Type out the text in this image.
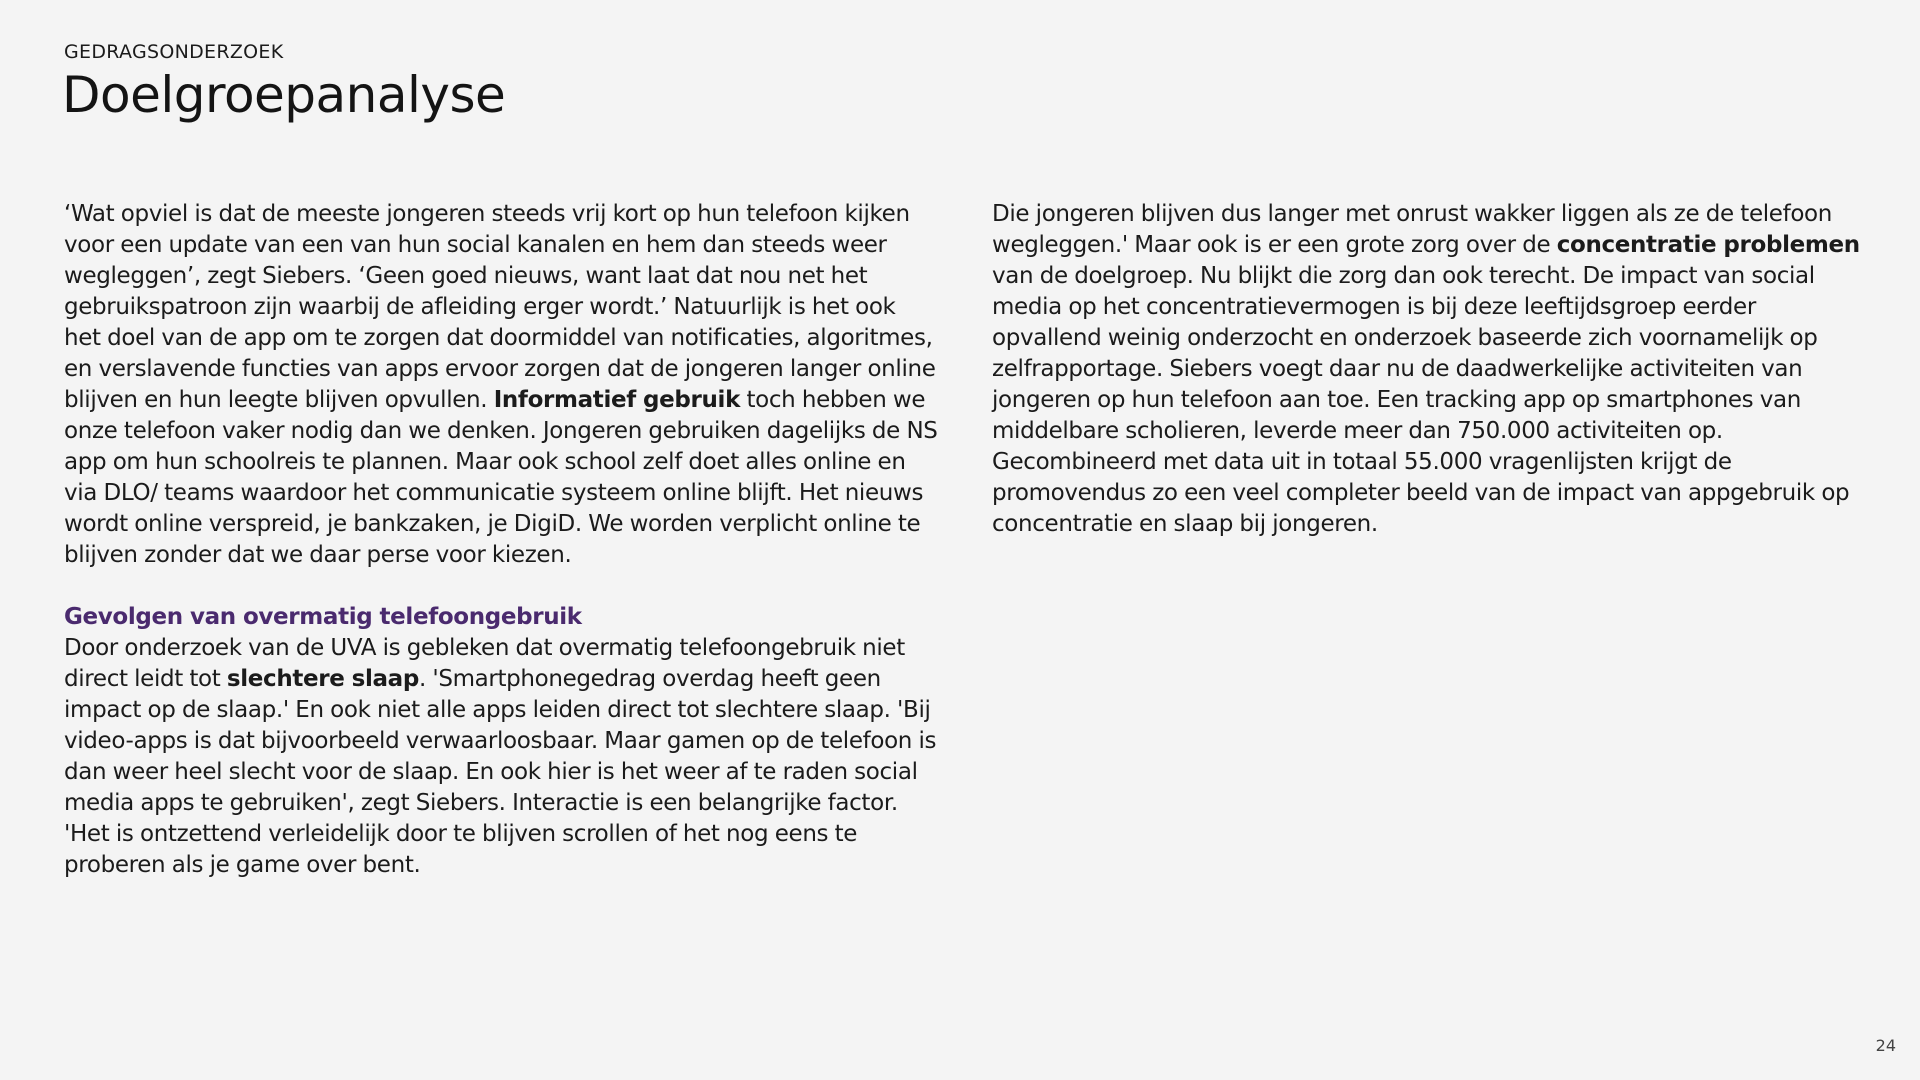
GEDRAGSONDERZOEK
Doelgroepanalyse

‘Wat opviel is dat de meeste jongeren steeds vrij kort op hun telefoon kijken voor een update van een van hun social kanalen en hem dan steeds weer wegleggen’, zegt Siebers. ‘Geen goed nieuws, want laat dat nou net het gebruikspatroon zijn waarbij de afleiding erger wordt.’ Natuurlijk is het ook het doel van de app om te zorgen dat doormiddel van notificaties, algoritmes, en verslavende functies van apps ervoor zorgen dat de jongeren langer online blijven en hun leegte blijven opvullen. Informatief gebruik toch hebben we onze telefoon vaker nodig dan we denken. Jongeren gebruiken dagelijks de NS app om hun schoolreis te plannen. Maar ook school zelf doet alles online en via DLO/ teams waardoor het communicatie systeem online blijft. Het nieuws wordt online verspreid, je bankzaken, je DigiD. We worden verplicht online te blijven zonder dat we daar perse voor kiezen.

Gevolgen van overmatig telefoongebruik

Door onderzoek van de UVA is gebleken dat overmatig telefoongebruik niet direct leidt tot slechtere slaap. 'Smartphonegedrag overdag heeft geen impact op de slaap.' En ook niet alle apps leiden direct tot slechtere slaap. 'Bij video-apps is dat bijvoorbeeld verwaarloosbaar. Maar gamen op de telefoon is dan weer heel slecht voor de slaap. En ook hier is het weer af te raden social media apps te gebruiken', zegt Siebers. Interactie is een belangrijke factor. 'Het is ontzettend verleidelijk door te blijven scrollen of het nog eens te proberen als je game over bent.

Die jongeren blijven dus langer met onrust wakker liggen als ze de telefoon wegleggen.' Maar ook is er een grote zorg over de concentratie problemen van de doelgroep. Nu blijkt die zorg dan ook terecht. De impact van social media op het concentratievermogen is bij deze leeftijdsgroep eerder opvallend weinig onderzocht en onderzoek baseerde zich voornamelijk op zelfrapportage. Siebers voegt daar nu de daadwerkelijke activiteiten van jongeren op hun telefoon aan toe. Een tracking app op smartphones van middelbare scholieren, leverde meer dan 750.000 activiteiten op. Gecombineerd met data uit in totaal 55.000 vragenlijsten krijgt de promovendus zo een veel completer beeld van de impact van appgebruik op concentratie en slaap bij jongeren.

24
